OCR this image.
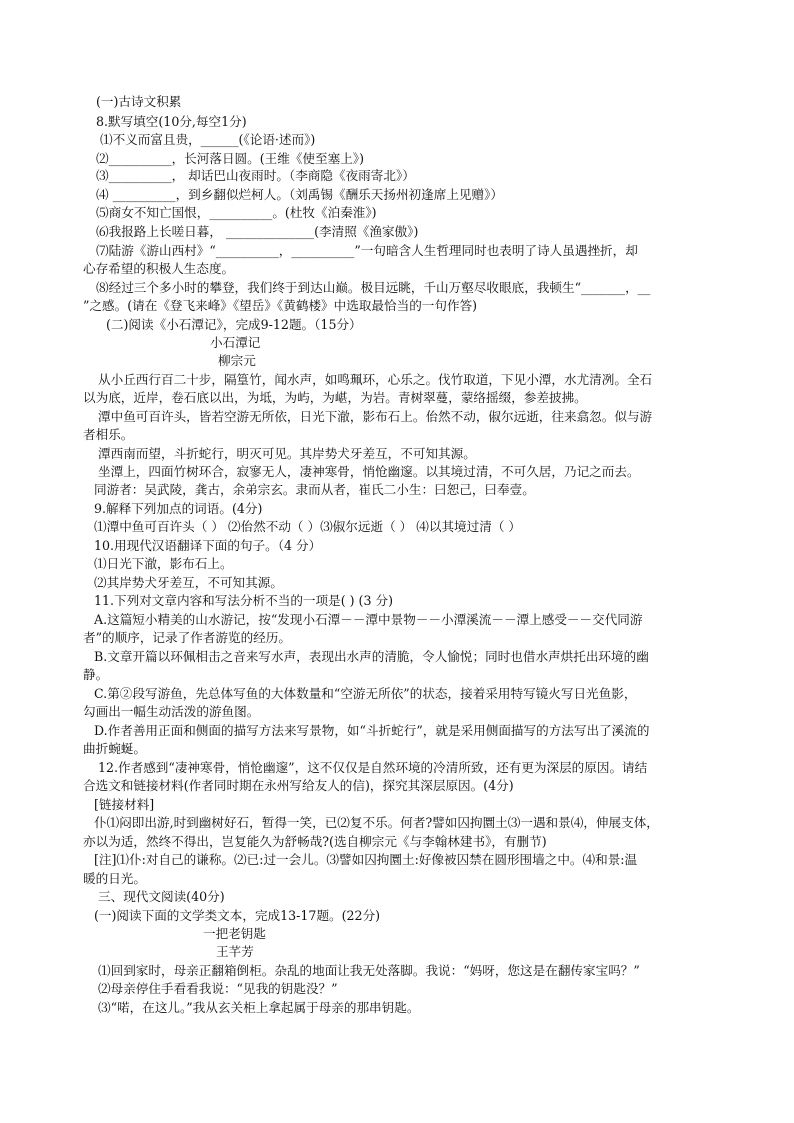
(一)古诗文积累
8.默写填空(10分,每空1分)
⑴不义而富且贵，______(《论语·述而》)
⑵__________，长河落日圆。(王维《使至塞上》)
⑶__________， 却话巴山夜雨时。（李商隐《夜雨寄北》）
⑷ __________，到乡翻似烂柯人。（刘禹锡《酬乐天扬州初逢席上见赠》）
⑸商女不知亡国恨，__________。(杜牧《泊秦淮》)
⑹我报路上长嗟日暮， ______________(李清照《渔家傲》)
⑺陆游《游山西村》“__________，__________”一句暗含人生哲理同时也表明了诗人虽遇挫折，却
心存希望的积极人生态度。
⑻经过三个多小时的攀登，我们终于到达山巅。极目远眺，千山万壑尽收眼底，我顿生“_______，__
”之感。(请在《登飞来峰》《望岳》《黄鹤楼》中选取最恰当的一句作答)
(二)阅读《小石潭记》，完成9-12题。（15分）
小石潭记
柳宗元
从小丘西行百二十步，隔篁竹，闻水声，如鸣珮环，心乐之。伐竹取道，下见小潭，水尤清冽。全石
以为底，近岸，卷石底以出，为坻，为屿，为嵁，为岩。青树翠蔓，蒙络摇缀，参差披拂。
潭中鱼可百许头，皆若空游无所依，日光下澈，影布石上。佁然不动，俶尔远逝，往来翕忽。似与游
者相乐。
潭西南而望，斗折蛇行，明灭可见。其岸势犬牙差互，不可知其源。
坐潭上，四面竹树环合，寂寥无人，凄神寒骨，悄怆幽邃。以其境过清，不可久居，乃记之而去。
同游者：吴武陵，龚古，余弟宗玄。隶而从者，崔氏二小生：曰恕己，曰奉壹。
9.解释下列加点的词语。(4分)
⑴潭中鱼可百许头（ ） ⑵佁然不动（ ）⑶俶尔远逝（ ） ⑷以其境过清（ ）
10.用现代汉语翻译下面的句子。（4 分）
⑴日光下澈，影布石上。
⑵其岸势犬牙差互，不可知其源。
11.下列对文章内容和写法分析不当的一项是( ) (3 分)
A.这篇短小精美的山水游记，按“发现小石潭－－潭中景物－－小潭溪流－－潭上感受－－交代同游
者”的顺序，记录了作者游览的经历。
B.文章开篇以环佩相击之音来写水声，表现出水声的清脆，令人愉悦；同时也借水声烘托出环境的幽
静。
C.第②段写游鱼，先总体写鱼的大体数量和“空游无所依”的状态，接着采用特写镜火写日光鱼影，
勾画出一幅生动活泼的游鱼图。
D.作者善用正面和侧面的描写方法来写景物，如“斗折蛇行”，就是采用侧面描写的方法写出了溪流的
曲折蜿蜒。
12.作者感到“凄神寒骨，悄怆幽邃”，这不仅仅是自然环境的冷清所致，还有更为深层的原因。请结
合选文和链接材料(作者同时期在永州写给友人的信)，探究其深层原因。(4分)
[链接材料]
仆⑴闷即出游,时到幽树好石，暂得一笑，已⑵复不乐。何者?譬如囚拘圜土⑶一遇和景⑷，伸展支体，
亦以为适，然终不得出，岂复能久为舒畅哉?(选自柳宗元《与李翰林建书》，有删节)
[注]⑴仆:对自己的谦称。⑵已:过一会儿。⑶譬如囚拘圜土:好像被囚禁在圆形围墙之中。⑷和景:温
暖的日光。
三、现代文阅读(40分)
(一)阅读下面的文学类文本，完成13-17题。(22分)
一把老钥匙
王芊芳
⑴回到家时，母亲正翻箱倒柜。杂乱的地面让我无处落脚。我说：“妈呀，您这是在翻传家宝吗？”
⑵母亲停住手看看我说：“见我的钥匙没？”
⑶“喏，在这儿。”我从玄关柜上拿起属于母亲的那串钥匙。
